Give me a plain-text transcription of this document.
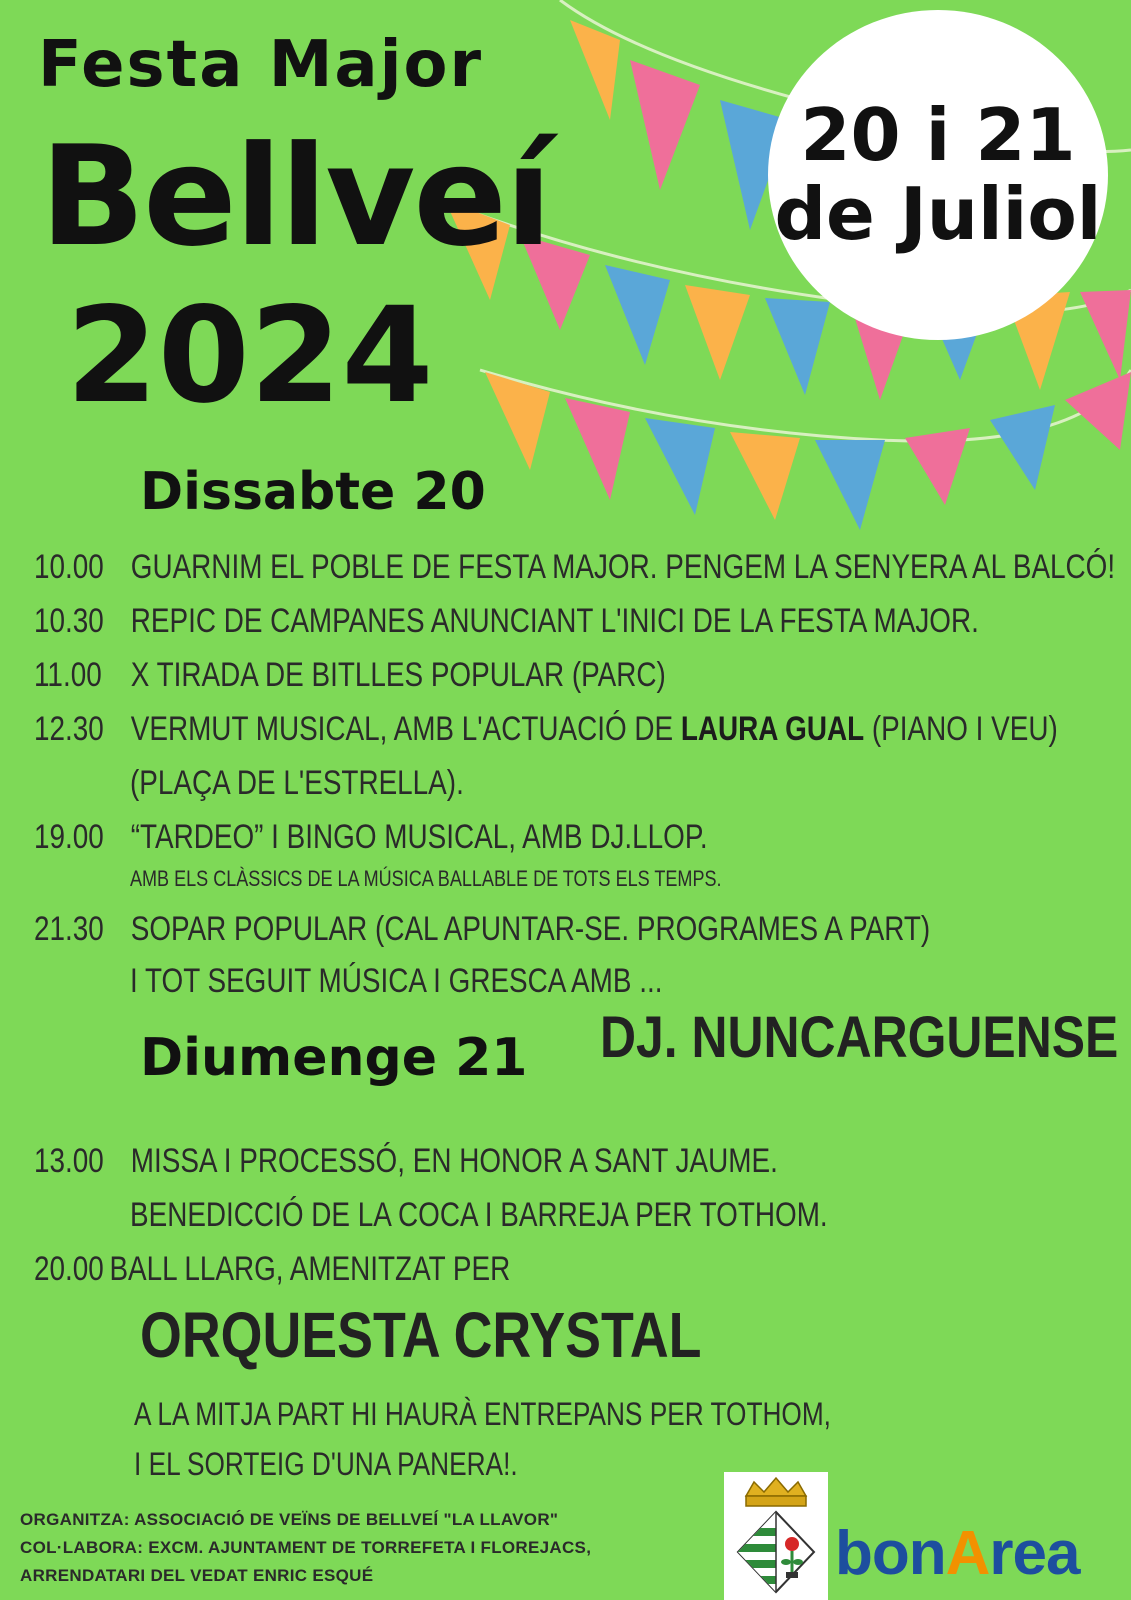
Festa Major
Bellveí
2024
20 i 21
de Juliol
Dissabte 20
10.00 GUARNIM EL POBLE DE FESTA MAJOR. PENGEM LA SENYERA AL BALCÓ!
10.30 REPIC DE CAMPANES ANUNCIANT L'INICI DE LA FESTA MAJOR.
11.00 X TIRADA DE BITLLES POPULAR (PARC)
12.30 VERMUT MUSICAL, AMB L'ACTUACIÓ DE LAURA GUAL (PIANO I VEU)
(PLAÇA DE L'ESTRELLA).
19.00 “TARDEO” I BINGO MUSICAL, AMB DJ.LLOP.
AMB ELS CLÀSSICS DE LA MÚSICA BALLABLE DE TOTS ELS TEMPS.
21.30 SOPAR POPULAR (CAL APUNTAR-SE. PROGRAMES A PART)
I TOT SEGUIT MÚSICA I GRESCA AMB ...
DJ. NUNCARGUENSE
Diumenge 21
13.00 MISSA I PROCESSÓ, EN HONOR A SANT JAUME.
BENEDICCIÓ DE LA COCA I BARREJA PER TOTHOM.
20.00 BALL LLARG, AMENITZAT PER
ORQUESTA CRYSTAL
A LA MITJA PART HI HAURÀ ENTREPANS PER TOTHOM,
I EL SORTEIG D'UNA PANERA!.
ORGANITZA: ASSOCIACIÓ DE VEÏNS DE BELLVEÍ "LA LLAVOR"
COL·LABORA: EXCM. AJUNTAMENT DE TORREFETA I FLOREJACS,
ARRENDATARI DEL VEDAT ENRIC ESQUÉ	bonArea
